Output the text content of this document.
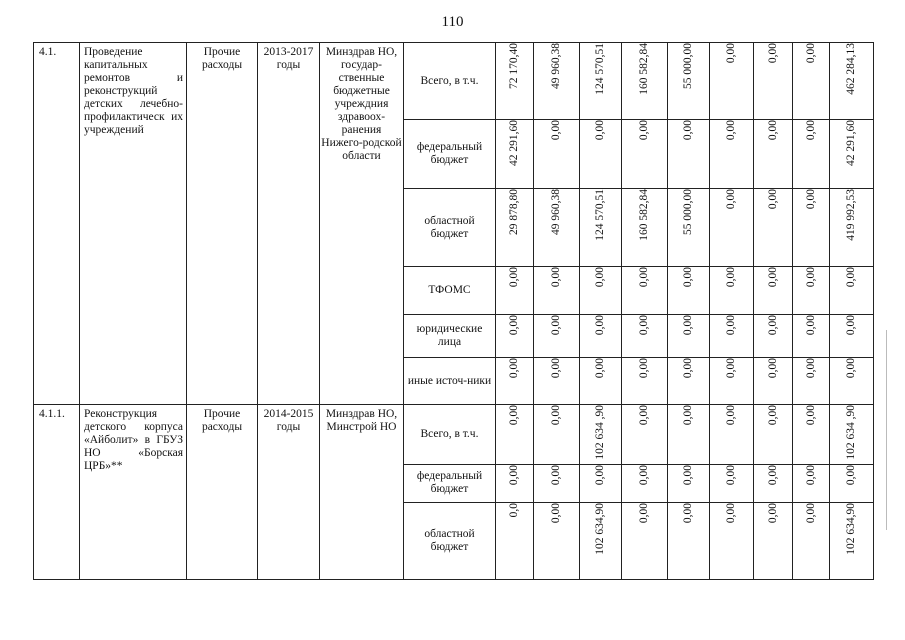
110
4.1.	Проведение капитальных ремонтов и реконструкций детских лечебно-профилактическ их учреждений	Прочие расходы	2013-2017 годы	Минздрав НО, государ-ственные бюджетные учреждния здравоох-ранения Нижего-родской области	Всего, в т.ч.	72 170,40	49 960,38	124 570,51	160 582,84	55 000,00	0,00	0,00	0,00	462 284,13
					федеральный бюджет	42 291,60	0,00	0,00	0,00	0,00	0,00	0,00	0,00	42 291,60
					областной бюджет	29 878,80	49 960,38	124 570,51	160 582,84	55 000,00	0,00	0,00	0,00	419 992,53
					ТФОМС	0,00	0,00	0,00	0,00	0,00	0,00	0,00	0,00	0,00
					юридические лица	0,00	0,00	0,00	0,00	0,00	0,00	0,00	0,00	0,00
					иные источ-ники	0,00	0,00	0,00	0,00	0,00	0,00	0,00	0,00	0,00
4.1.1.	Реконструкция детского корпуса «Айболит» в ГБУЗ НО «Борская ЦРБ»**	Прочие расходы	2014-2015 годы	Минздрав НО, Минстрой НО	Всего, в т.ч.	0,00	0,00	102 634 ,90	0,00	0,00	0,00	0,00	0,00	102 634 ,90
					федеральный бюджет	0,00	0,00	0,00	0,00	0,00	0,00	0,00	0,00	0,00
					областной бюджет	0,0	0,00	102 634,90	0,00	0,00	0,00	0,00	0,00	102 634,90
